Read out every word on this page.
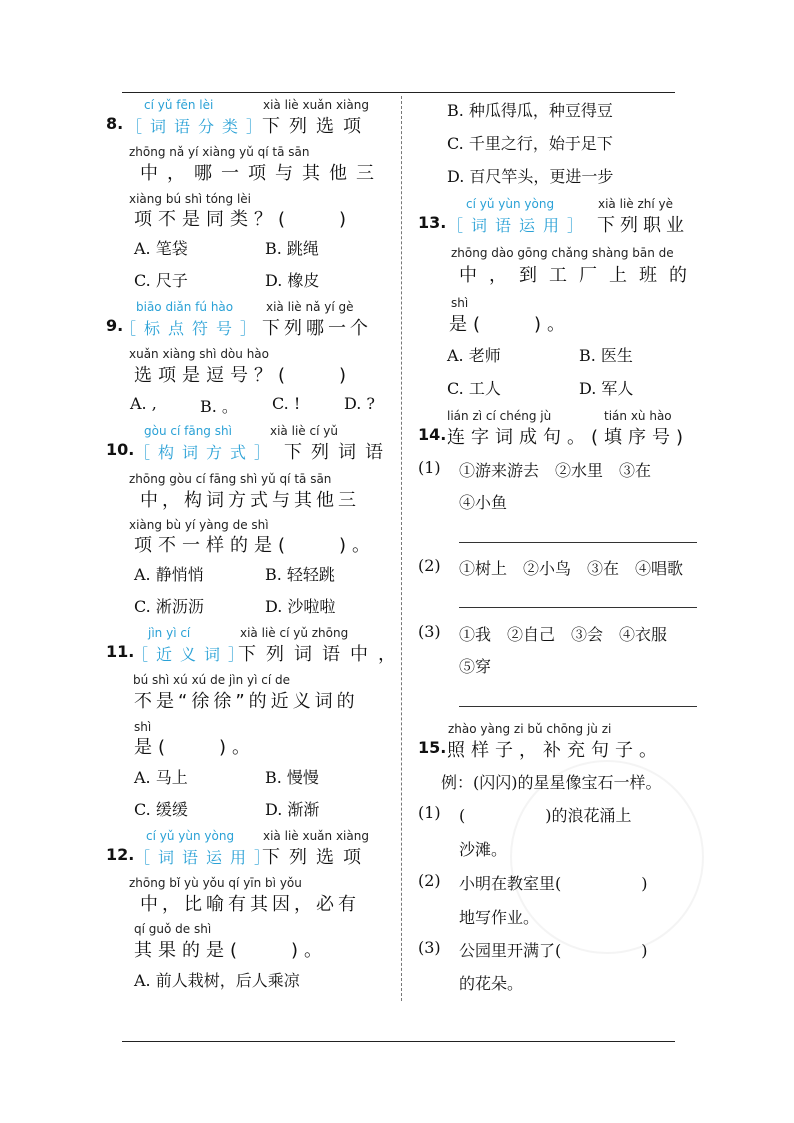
cí yǔ fēn lèi	xià liè xuǎn xiàng
8. ［词语分类］
下列选项
zhōng nǎ yí xiàng yǔ qí tā sān
中，哪一项与其他三
xiàng bú shì tóng lèi
项不是同类？(　　)
A. 笔袋	B. 跳绳
C. 尺子	D. 橡皮
biāo diǎn fú hào	xià liè nǎ yí gè
9.
［标点符号］
下列哪一个
xuǎn xiàng shì dòu hào
选项是逗号？(　　)
A. ,	B. 。 C. !	D. ?
gòu cí fāng shì	xià liè cí yǔ
10. ［构词方式］ 下列词语
zhōng gòu cí fāng shì yǔ qí tā sān
中，构词方式与其他三
xiàng bù yí yàng de shì
项不一样的是(　　)。
A. 静悄悄	B. 轻轻跳
C. 淅沥沥	D. 沙啦啦
jìn yì cí	xià liè cí yǔ zhōng
11.
［近义词］
下列词语中，
bú shì xú xú de jìn yì cí de
不是“徐徐”的近义词的
shì
是(　　)。
A. 马上	B. 慢慢
C. 缓缓	D. 渐渐
cí yǔ yùn yòng xià liè xuǎn xiàng
12. ［词语运用］
下列选项
zhōng bǐ yù yǒu qí yīn bì yǒu
中，比喻有其因，必有
qí guǒ de shì
其果的是(　　)。
A. 前人栽树，后人乘凉
B. 种瓜得瓜，种豆得豆
C. 千里之行，始于足下
D. 百尺竿头，更进一步
cí yǔ yùn yòng	xià liè zhí yè
13. ［词语运用］ 下列职业
zhōng dào gōng chǎng shàng bān de
中，到工厂上班的
shì
是(　　)。
A. 老师	B. 医生
C. 工人	D. 军人
lián zì cí chéng jù	tián xù hào
14. 连字词成句。(填序号)
(1) ①游来游去　②水里　③在
④小鱼
(2) ①树上　②小鸟　③在　④唱歌
(3) ①我　②自己　③会　④衣服
⑤穿
zhào yàng zi bǔ chōng jù zi
15. 照样子，补充句子。
例：(闪闪)的星星像宝石一样。
(1) (　　　　　)的浪花涌上
沙滩。
(2) 小明在教室里(　　　　　)
地写作业。
(3) 公园里开满了(　　　　　)
的花朵。
